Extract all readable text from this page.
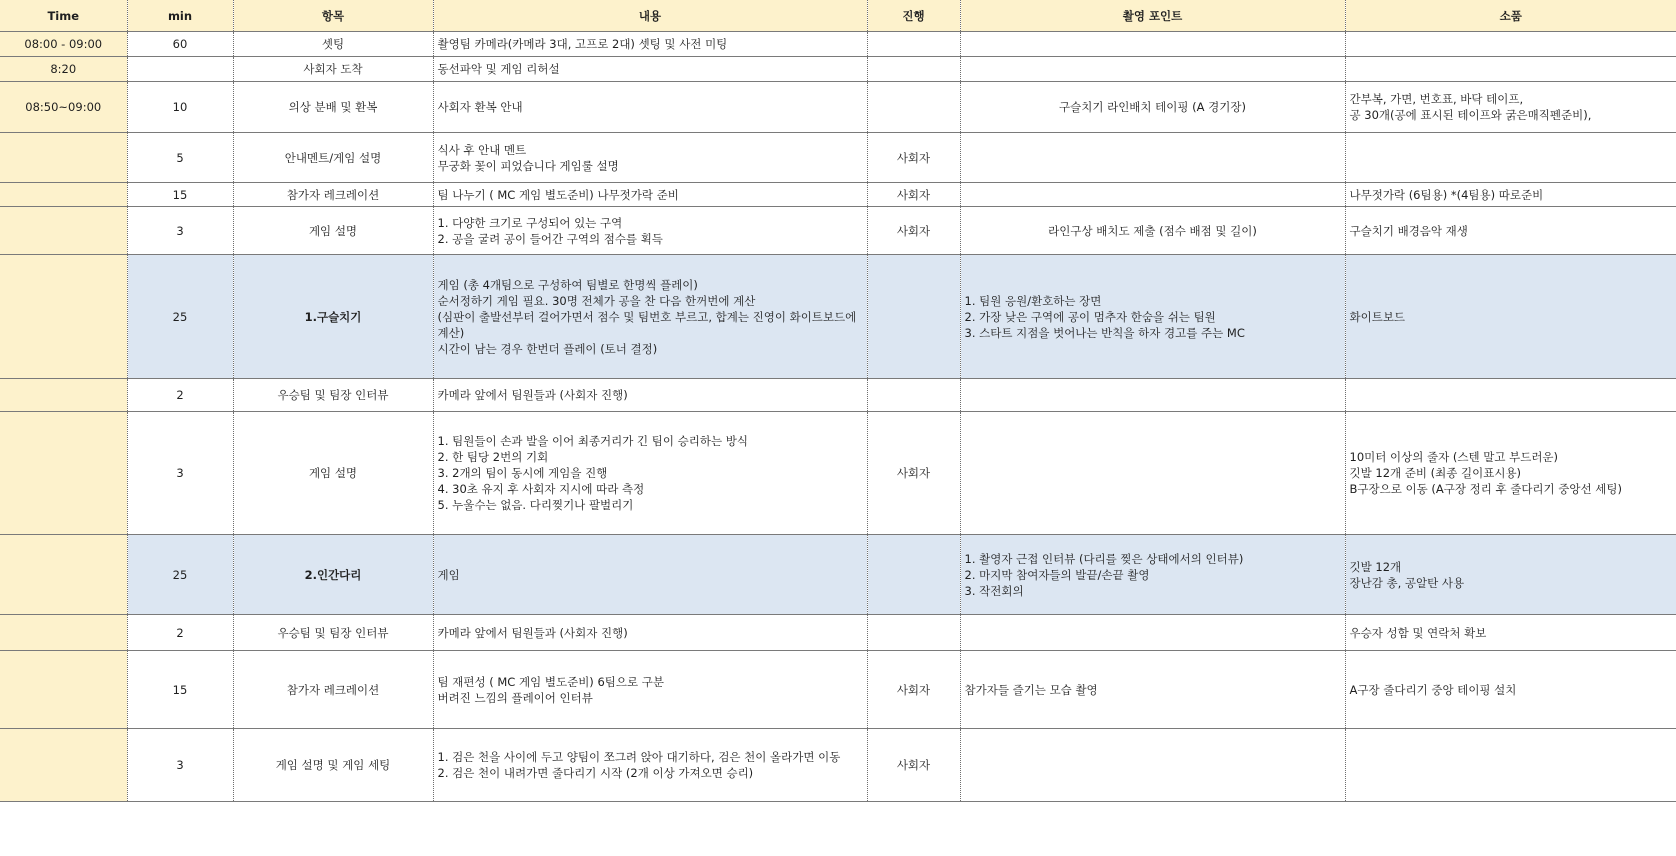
Time	min	항목	내용	진행	촬영 포인트	소품
08:00 - 09:00	60	셋팅	촬영팀 카메라(카메라 3대, 고프로 2대) 셋팅 및 사전 미팅			

8:20		사회자 도착	동선파악 및 게임 리허설			

08:50~09:00	10	의상 분배 및 환복	사회자 환복 안내		구슬치기 라인배치 테이핑 (A 경기장)	간부복, 가면, 번호표, 바닥 테이프,
공 30개(공에 표시된 테이프와 굵은매직펜준비),

	5	안내멘트/게임 설명	식사 후 안내 멘트
무궁화 꽃이 피었습니다 게임룰 설명	사회자		
	15	참가자 레크레이션	팀 나누기 ( MC 게임 별도준비) 나무젓가락 준비	사회자		나무젓가락 (6팀용) *(4팀용) 따로준비

	3	게임 설명	1. 다양한 크기로 구성되어 있는 구역
2. 공을 굴려 공이 들어간 구역의 점수를 획득	사회자	라인구상 배치도 제출 (점수 배점 및 길이)	구슬치기 배경음악 재생

	25	1.구슬치기	게임 (총 4개팀으로 구성하여 팀별로 한명씩 플레이)
순서정하기 게임 필요. 30명 전체가 공을 찬 다음 한꺼번에 계산
(심판이 출발선부터 걸어가면서 점수 및 팀번호 부르고, 합계는 진영이 화이트보드에 계산)
시간이 남는 경우 한번더 플레이 (토너 결정)		1. 팀원 응원/환호하는 장면
2. 가장 낮은 구역에 공이 멈추자 한숨을 쉬는 팀원
3. 스타트 지점을 벗어나는 반칙을 하자 경고를 주는 MC	화이트보드

	2	우승팀 및 팀장 인터뷰	카메라 앞에서 팀원들과 (사회자 진행)			

	3	게임 설명	1. 팀원들이 손과 발을 이어 최종거리가 긴 팀이 승리하는 방식
2. 한 팀당 2번의 기회
3. 2개의 팀이 동시에 게임을 진행
4. 30초 유지 후 사회자 지시에 따라 측정
5. 누울수는 없음. 다리찢기나 팔벌리기	사회자		10미터 이상의 줄자 (스텐 말고 부드러운)
깃발 12개 준비 (최종 길이표시용)
B구장으로 이동 (A구장 정리 후 줄다리기 중앙선 세팅)

	25	2.인간다리	게임		1. 촬영자 근접 인터뷰 (다리를 찢은 상태에서의 인터뷰)
2. 마지막 참여자들의 발끝/손끝 촬영
3. 작전회의	깃발 12개
장난감 총, 공알탄 사용

	2	우승팀 및 팀장 인터뷰	카메라 앞에서 팀원들과 (사회자 진행)			우승자 성함 및 연락처 확보

	15	참가자 레크레이션	팀 재편성 ( MC 게임 별도준비) 6팀으로 구분
버려진 느낌의 플레이어 인터뷰	사회자	참가자들 즐기는 모습 촬영	A구장 줄다리기 중앙 테이핑 설치

	3	게임 설명 및 게임 세팅	1. 검은 천을 사이에 두고 양팀이 쪼그려 앉아 대기하다, 검은 천이 올라가면 이동
2. 검은 천이 내려가면 줄다리기 시작 (2개 이상 가져오면 승리)	사회자		
